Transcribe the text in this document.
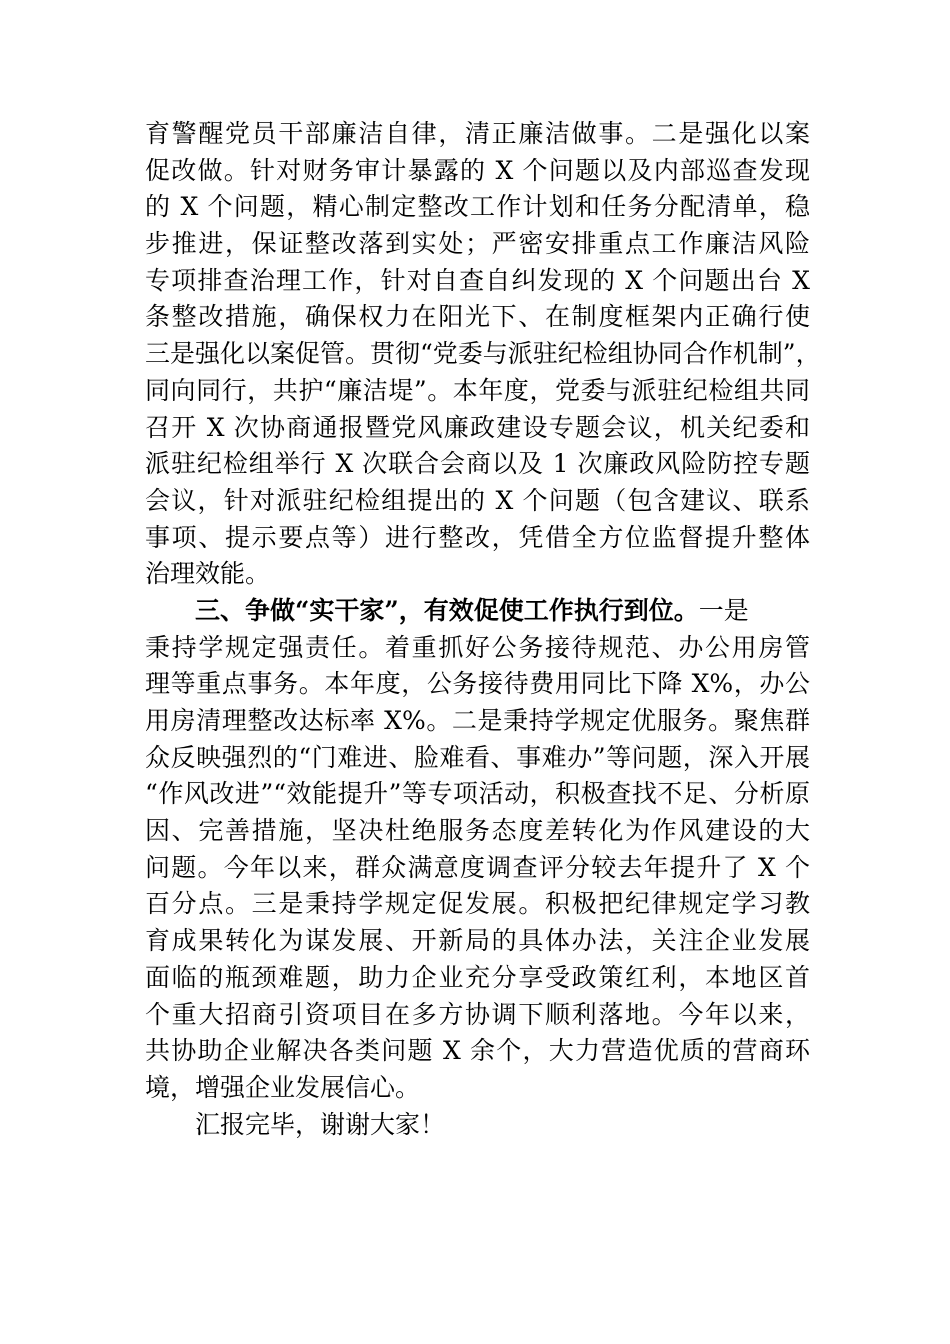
育警醒党员干部廉洁自律，清正廉洁做事。二是强化以案
促改做。针对财务审计暴露的 X 个问题以及内部巡查发现
的 X 个问题，精心制定整改工作计划和任务分配清单，稳
步推进，保证整改落到实处；严密安排重点工作廉洁风险
专项排查治理工作，针对自查自纠发现的 X 个问题出台 X
条整改措施，确保权力在阳光下、在制度框架内正确行使
三是强化以案促管。贯彻“党委与派驻纪检组协同合作机制”，
同向同行，共护“廉洁堤”。本年度，党委与派驻纪检组共同
召开 X 次协商通报暨党风廉政建设专题会议，机关纪委和
派驻纪检组举行 X 次联合会商以及 1 次廉政风险防控专题
会议，针对派驻纪检组提出的 X 个问题（包含建议、联系
事项、提示要点等）进行整改，凭借全方位监督提升整体
治理效能。
三、争做“实干家”，有效促使工作执行到位。一是
秉持学规定强责任。着重抓好公务接待规范、办公用房管
理等重点事务。本年度，公务接待费用同比下降 X%，办公
用房清理整改达标率 X%。二是秉持学规定优服务。聚焦群
众反映强烈的“门难进、脸难看、事难办”等问题，深入开展
“作风改进”“效能提升”等专项活动，积极查找不足、分析原
因、完善措施，坚决杜绝服务态度差转化为作风建设的大
问题。今年以来，群众满意度调查评分较去年提升了 X 个
百分点。三是秉持学规定促发展。积极把纪律规定学习教
育成果转化为谋发展、开新局的具体办法，关注企业发展
面临的瓶颈难题，助力企业充分享受政策红利，本地区首
个重大招商引资项目在多方协调下顺利落地。今年以来，
共协助企业解决各类问题 X 余个，大力营造优质的营商环
境，增强企业发展信心。
汇报完毕，谢谢大家！
